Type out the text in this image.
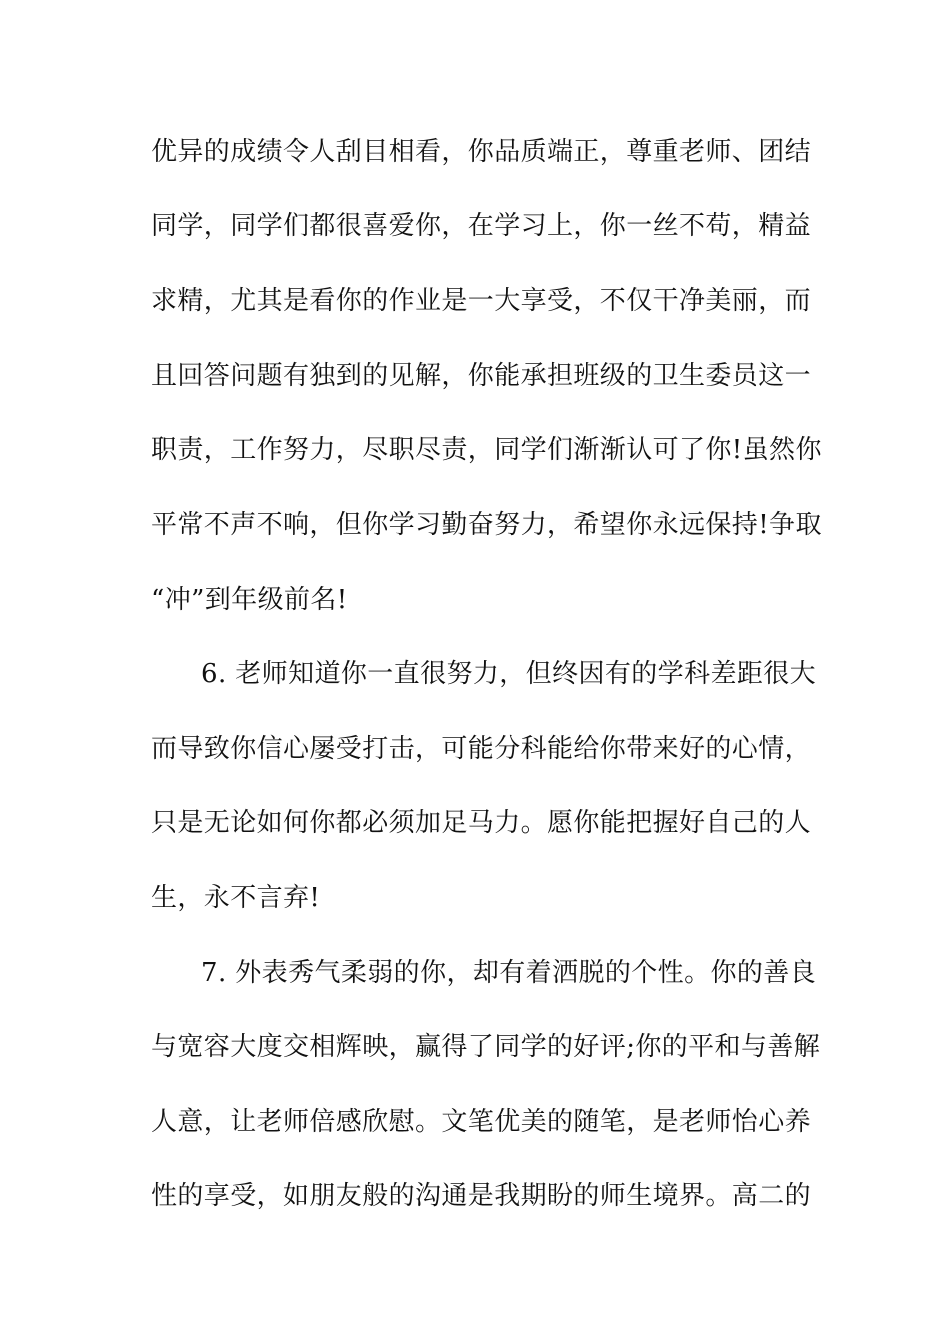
优异的成绩令人刮目相看，你品质端正，尊重老师、团结
同学，同学们都很喜爱你，在学习上，你一丝不苟，精益
求精，尤其是看你的作业是一大享受，不仅干净美丽，而
且回答问题有独到的见解，你能承担班级的卫生委员这一
职责，工作努力，尽职尽责，同学们渐渐认可了你!虽然你
平常不声不响，但你学习勤奋努力，希望你永远保持!争取
“冲”到年级前名!
6. 老师知道你一直很努力，但终因有的学科差距很大
而导致你信心屡受打击，可能分科能给你带来好的心情，
只是无论如何你都必须加足马力。愿你能把握好自己的人
生，永不言弃!
7. 外表秀气柔弱的你，却有着洒脱的个性。你的善良
与宽容大度交相辉映，赢得了同学的好评;你的平和与善解
人意，让老师倍感欣慰。文笔优美的随笔，是老师怡心养
性的享受，如朋友般的沟通是我期盼的师生境界。高二的
